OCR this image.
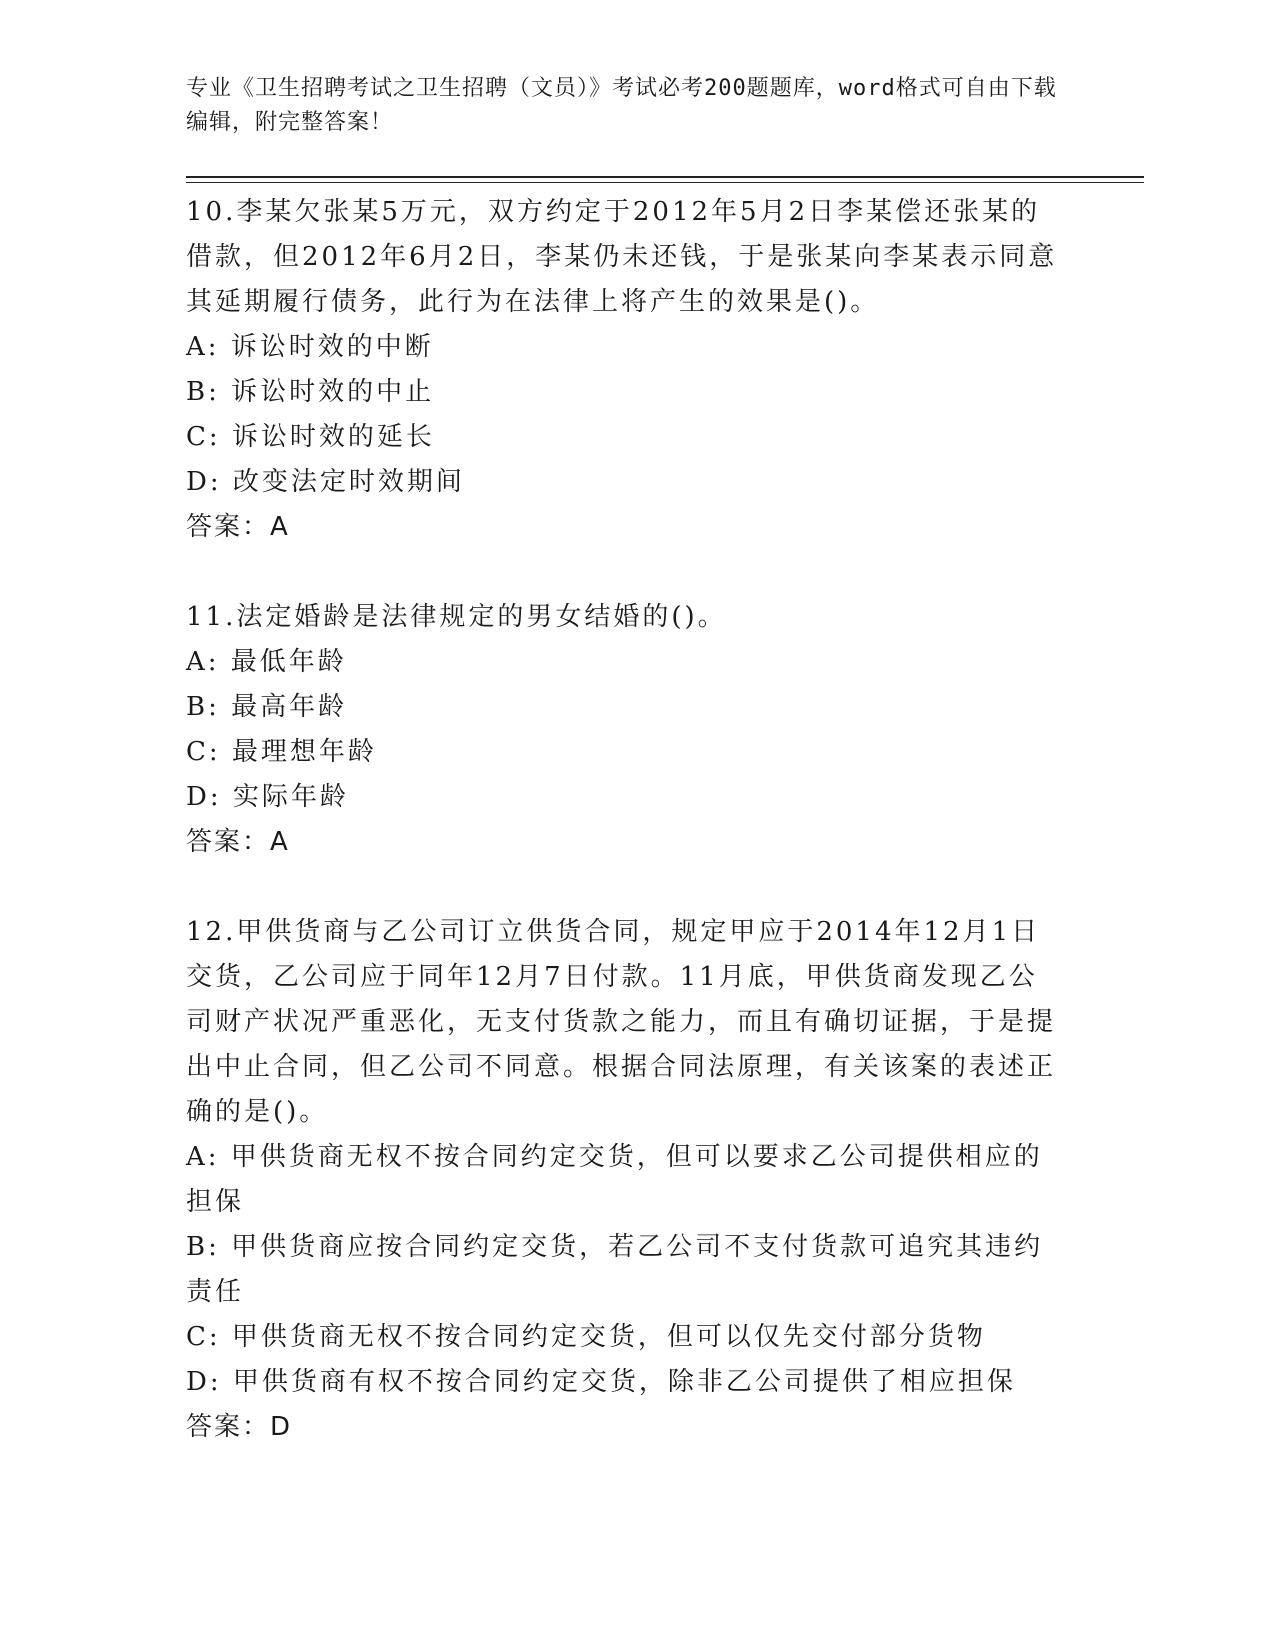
专业《卫生招聘考试之卫生招聘（文员）》考试必考200题题库，word格式可自由下载编辑，附完整答案！

10.李某欠张某5万元，双方约定于2012年5月2日李某偿还张某的借款，但2012年6月2日，李某仍未还钱，于是张某向李某表示同意其延期履行债务，此行为在法律上将产生的效果是()。

A: 诉讼时效的中断

B: 诉讼时效的中止

C: 诉讼时效的延长

D: 改变法定时效期间

答案：A

11.法定婚龄是法律规定的男女结婚的()。

A: 最低年龄

B: 最高年龄

C: 最理想年龄

D: 实际年龄

答案：A

12.甲供货商与乙公司订立供货合同，规定甲应于2014年12月1日交货，乙公司应于同年12月7日付款。11月底，甲供货商发现乙公司财产状况严重恶化，无支付货款之能力，而且有确切证据，于是提出中止合同，但乙公司不同意。根据合同法原理，有关该案的表述正确的是()。

A: 甲供货商无权不按合同约定交货，但可以要求乙公司提供相应的担保

B: 甲供货商应按合同约定交货，若乙公司不支付货款可追究其违约责任

C: 甲供货商无权不按合同约定交货，但可以仅先交付部分货物

D: 甲供货商有权不按合同约定交货，除非乙公司提供了相应担保

答案：D
